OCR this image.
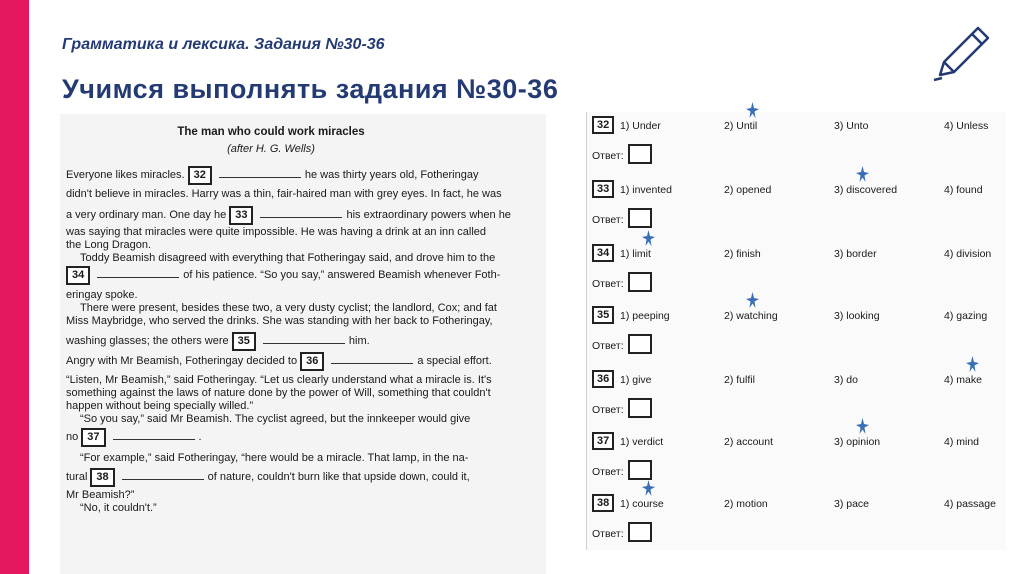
Грамматика и лексика. Задания №30-36
Учимся выполнять задания №30-36
The man who could work miracles
(after H. G. Wells)
Everyone likes miracles. 32	he was thirty years old, Fotheringay
didn't believe in miracles. Harry was a thin, fair-haired man with grey eyes. In fact, he was
a very ordinary man. One day he 33	his extraordinary powers when he
was saying that miracles were quite impossible. He was having a drink at an inn called
the Long Dragon.
Toddy Beamish disagreed with everything that Fotheringay said, and drove him to the
34	of his patience. “So you say,” answered Beamish whenever Foth-
eringay spoke.
There were present, besides these two, a very dusty cyclist; the landlord, Cox; and fat
Miss Maybridge, who served the drinks. She was standing with her back to Fotheringay,
washing glasses; the others were 35	him.
Angry with Mr Beamish, Fotheringay decided to 36	a special effort.
“Listen, Mr Beamish,” said Fotheringay. “Let us clearly understand what a miracle is. It's
something against the laws of nature done by the power of Will, something that couldn't
happen without being specially willed.”
“So you say,” said Mr Beamish. The cyclist agreed, but the innkeeper would give
no 37	.
“For example,” said Fotheringay, “here would be a miracle. That lamp, in the na-
tural 38	of nature, couldn't burn like that upside down, could it,
Mr Beamish?”
“No, it couldn't.”
32	1) Under	2) Until	3) Unto	4) Unless
Ответ:
33	1) invented	2) opened	3) discovered	4) found
Ответ:
34	1) limit	2) finish	3) border	4) division
Ответ:
35	1) peeping	2) watching	3) looking	4) gazing
Ответ:
36	1) give	2) fulfil	3) do	4) make
Ответ:
37	1) verdict	2) account	3) opinion	4) mind
Ответ:
38	1) course	2) motion	3) pace	4) passage
Ответ:
